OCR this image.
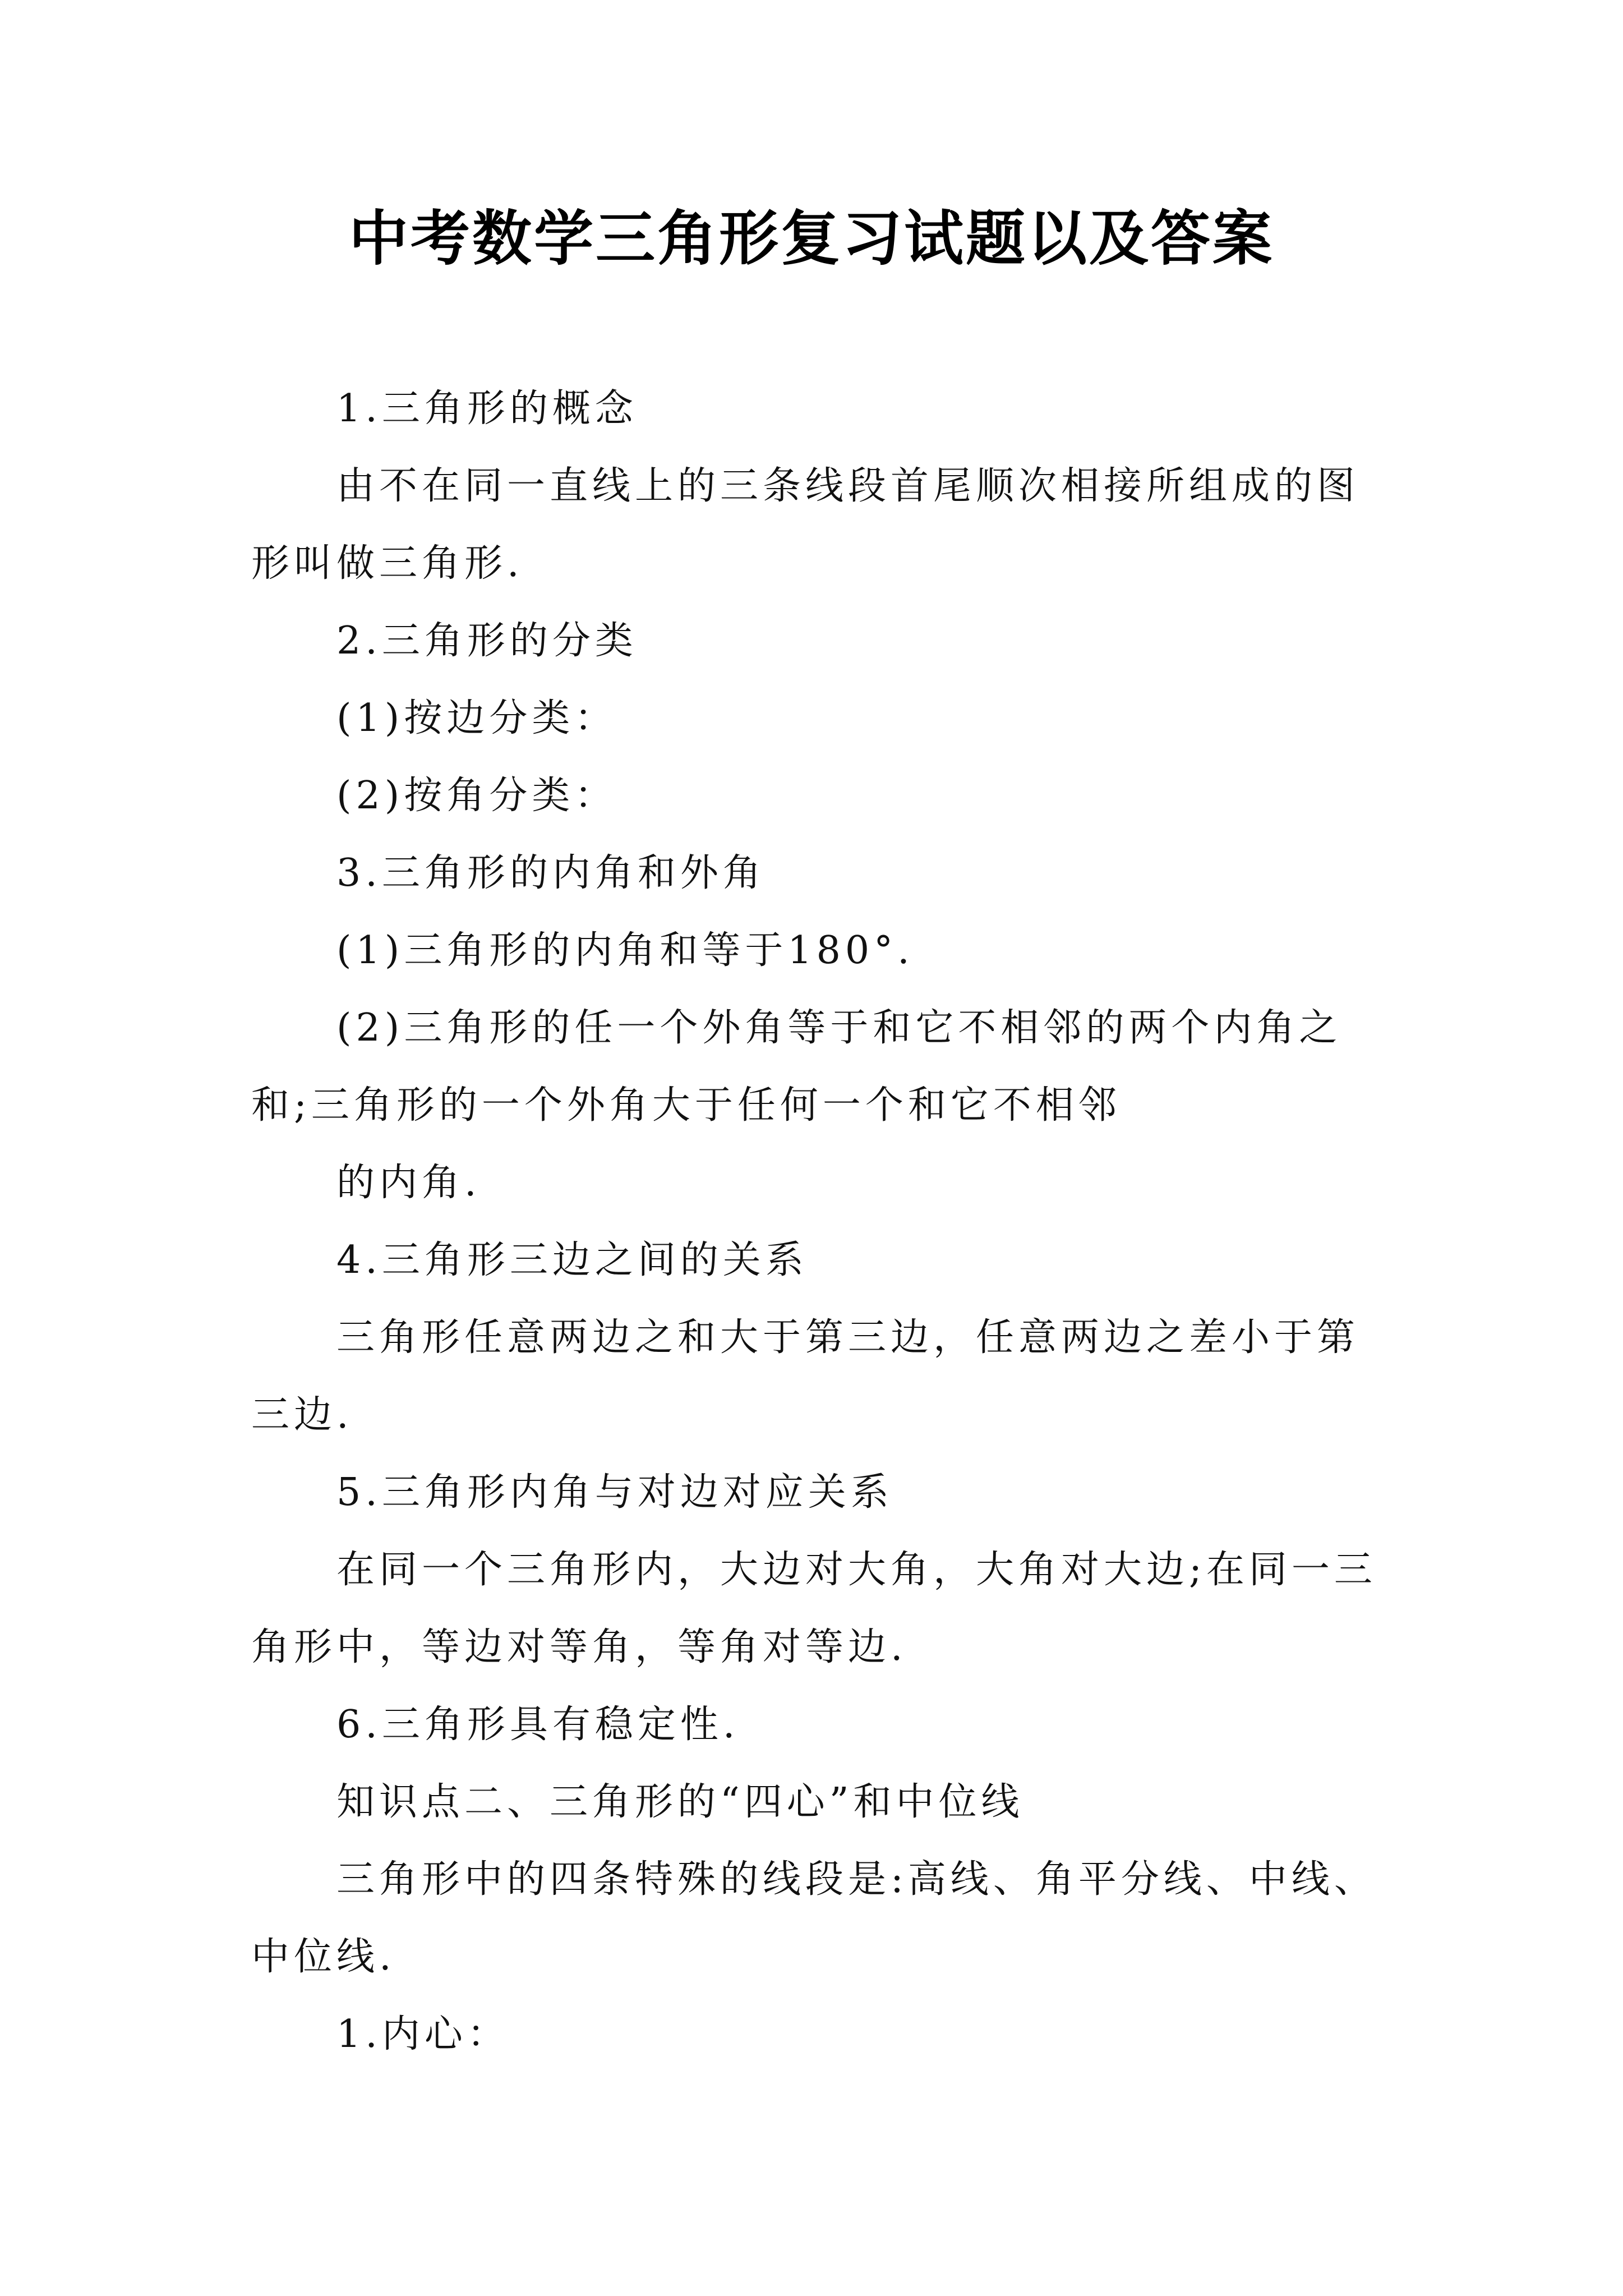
中考数学三角形复习试题以及答案

1.三角形的概念

由不在同一直线上的三条线段首尾顺次相接所组成的图形叫做三角形.

2.三角形的分类

(1)按边分类：

(2)按角分类：

3.三角形的内角和外角

(1)三角形的内角和等于180°.

(2)三角形的任一个外角等于和它不相邻的两个内角之和;三角形的一个外角大于任何一个和它不相邻

的内角.

4.三角形三边之间的关系

三角形任意两边之和大于第三边，任意两边之差小于第三边.

5.三角形内角与对边对应关系

在同一个三角形内，大边对大角，大角对大边;在同一三角形中，等边对等角，等角对等边.

6.三角形具有稳定性.

知识点二、三角形的“四心”和中位线

三角形中的四条特殊的线段是:高线、角平分线、中线、中位线.

1.内心：
